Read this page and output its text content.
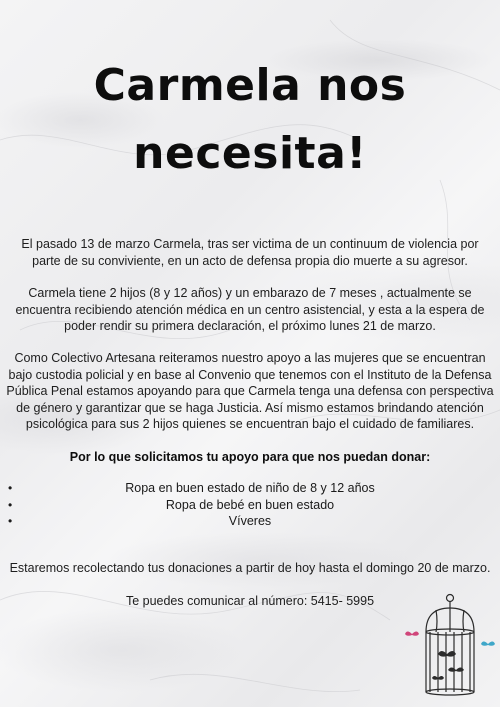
Carmela nos
necesita!

El pasado 13 de marzo Carmela, tras ser victima de un continuum de violencia por parte de su conviviente, en un acto de defensa propia dio muerte a su agresor.

Carmela tiene 2 hijos (8 y 12 años) y un embarazo de 7 meses , actualmente se encuentra recibiendo atención médica en un centro asistencial, y esta a la espera de poder rendir su primera declaración, el próximo lunes 21 de marzo.

Como Colectivo Artesana reiteramos nuestro apoyo a las mujeres que se encuentran bajo custodia policial y en base al Convenio que tenemos con el Instituto de la Defensa Pública Penal estamos apoyando para que Carmela tenga una defensa con perspectiva de género y garantizar que se haga Justicia. Así mismo estamos brindando atención psicológica para sus 2 hijos quienes se encuentran bajo el cuidado de familiares.

Por lo que solicitamos tu apoyo para que nos puedan donar:

•	Ropa en buen estado de niño de 8 y 12 años
•	Ropa de bebé en buen estado
•	Víveres

Estaremos recolectando tus donaciones a partir de hoy hasta el domingo 20 de marzo.

Te puedes comunicar al número: 5415- 5995
